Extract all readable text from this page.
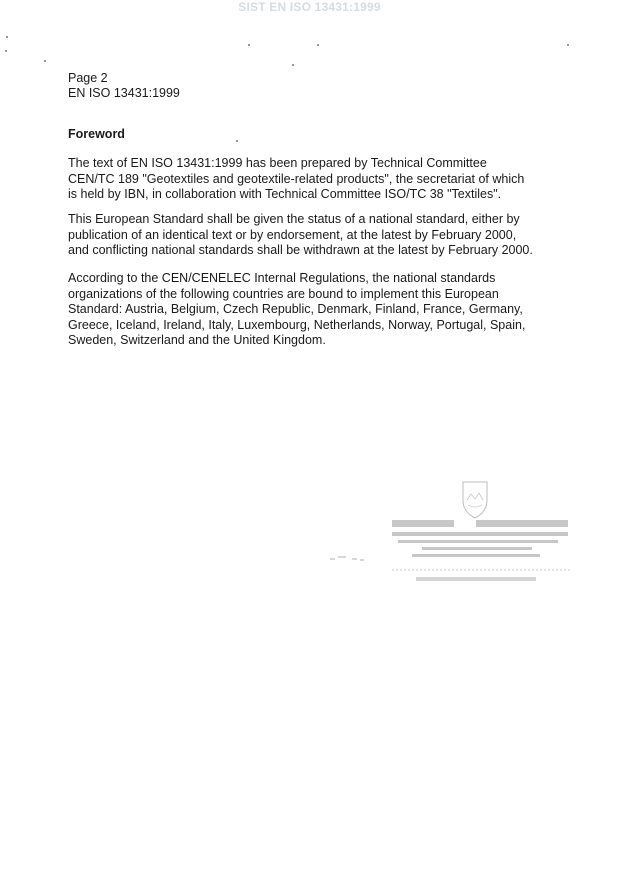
SIST EN ISO 13431:1999
Page 2
EN ISO 13431:1999
Foreword
The text of EN ISO 13431:1999 has been prepared by Technical Committee
CEN/TC 189 "Geotextiles and geotextile-related products", the secretariat of which
is held by IBN, in collaboration with Technical Committee ISO/TC 38 "Textiles".
This European Standard shall be given the status of a national standard, either by
publication of an identical text or by endorsement, at the latest by February 2000,
and conflicting national standards shall be withdrawn at the latest by February 2000.
According to the CEN/CENELEC Internal Regulations, the national standards
organizations of the following countries are bound to implement this European
Standard: Austria, Belgium, Czech Republic, Denmark, Finland, France, Germany,
Greece, Iceland, Ireland, Italy, Luxembourg, Netherlands, Norway, Portugal, Spain,
Sweden, Switzerland and the United Kingdom.
